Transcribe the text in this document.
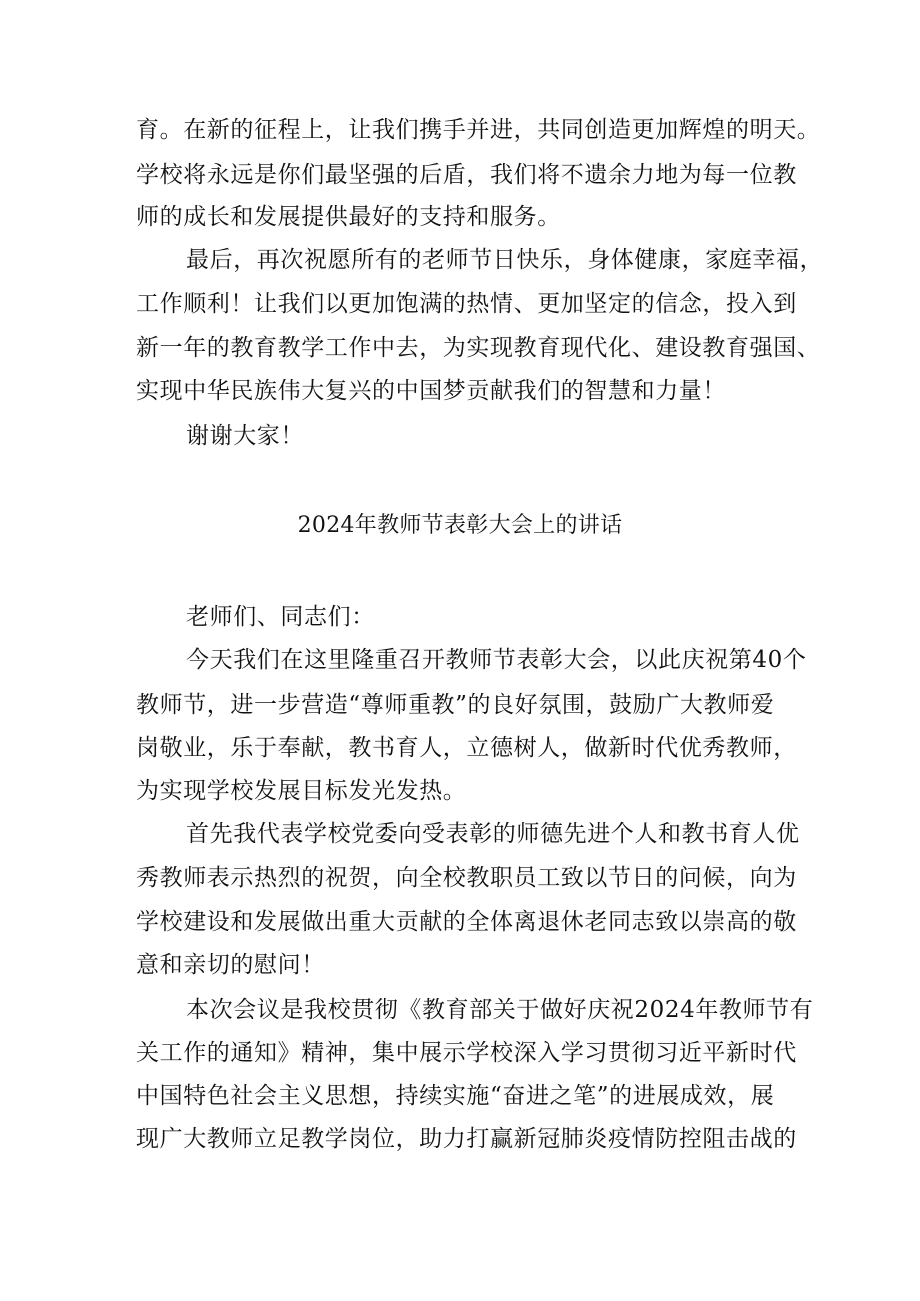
育。在新的征程上，让我们携手并进，共同创造更加辉煌的明天。
学校将永远是你们最坚强的后盾，我们将不遗余力地为每一位教
师的成长和发展提供最好的支持和服务。
最后，再次祝愿所有的老师节日快乐，身体健康，家庭幸福，
工作顺利！让我们以更加饱满的热情、更加坚定的信念，投入到
新一年的教育教学工作中去，为实现教育现代化、建设教育强国、
实现中华民族伟大复兴的中国梦贡献我们的智慧和力量！
谢谢大家！
2024年教师节表彰大会上的讲话
老师们、同志们：
今天我们在这里隆重召开教师节表彰大会，以此庆祝第40个
教师节，进一步营造“尊师重教”的良好氛围，鼓励广大教师爱
岗敬业，乐于奉献，教书育人，立德树人，做新时代优秀教师，
为实现学校发展目标发光发热。
首先我代表学校党委向受表彰的师德先进个人和教书育人优
秀教师表示热烈的祝贺，向全校教职员工致以节日的问候，向为
学校建设和发展做出重大贡献的全体离退休老同志致以崇高的敬
意和亲切的慰问！
本次会议是我校贯彻《教育部关于做好庆祝2024年教师节有
关工作的通知》精神，集中展示学校深入学习贯彻习近平新时代
中国特色社会主义思想，持续实施“奋进之笔”的进展成效，展
现广大教师立足教学岗位，助力打赢新冠肺炎疫情防控阻击战的
